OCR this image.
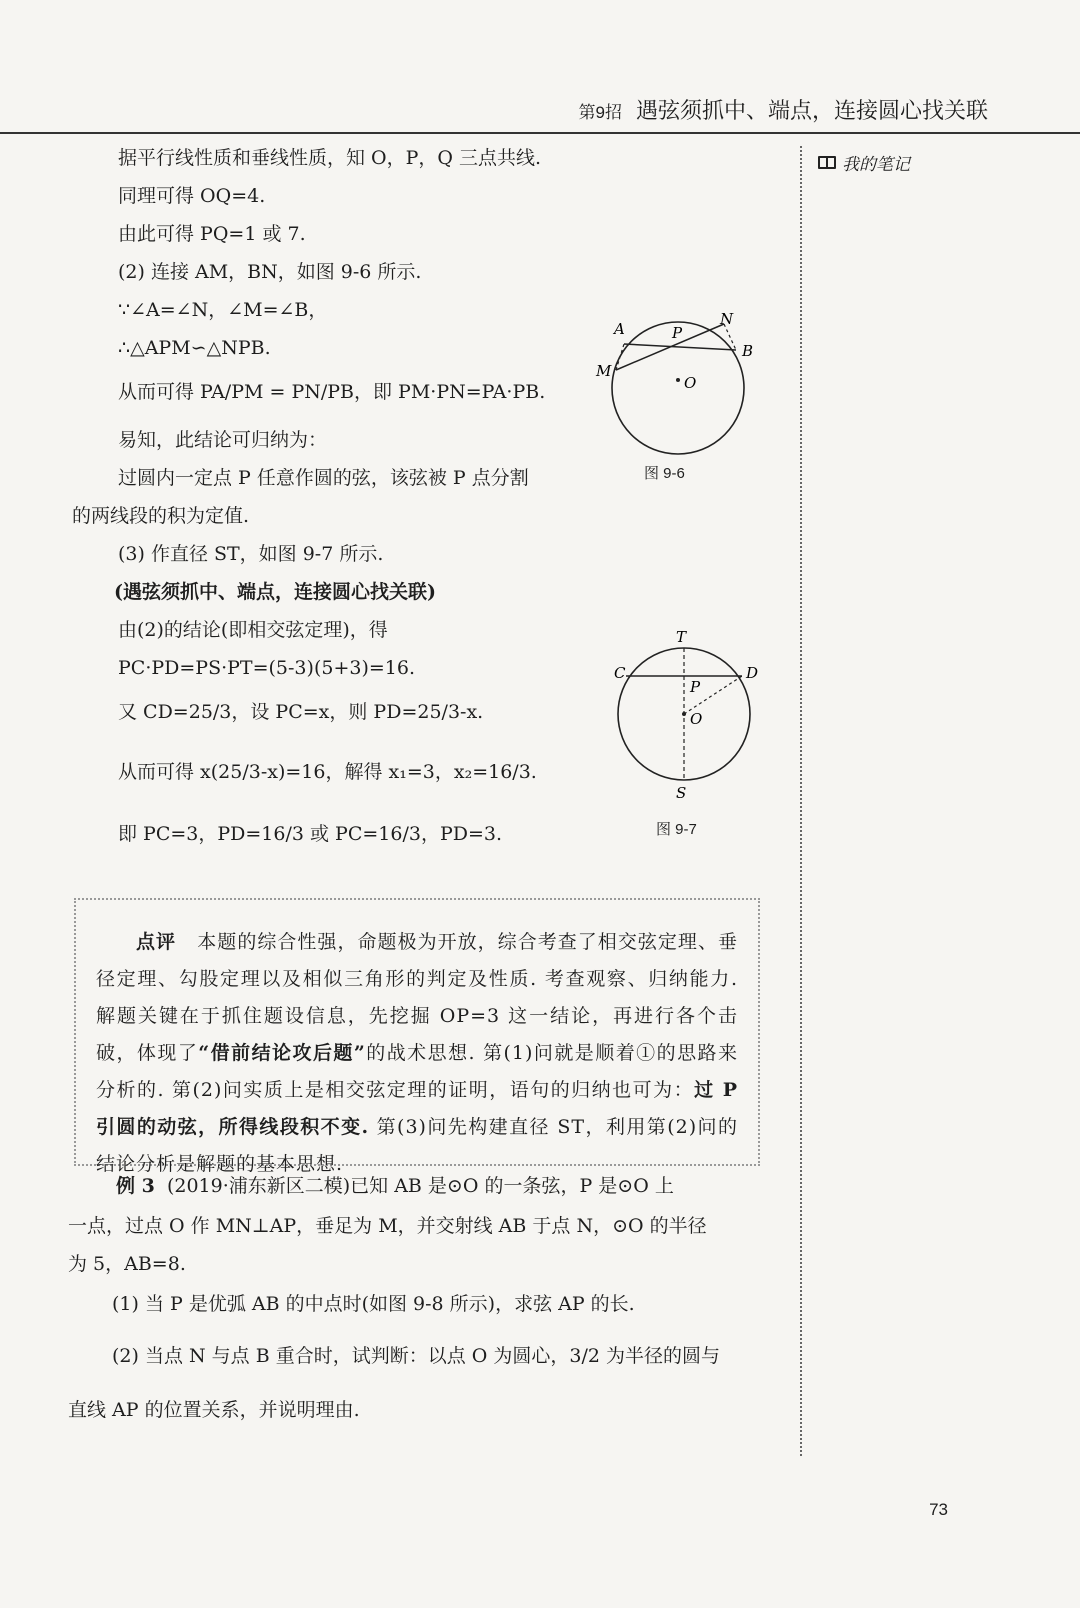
第9招 遇弦须抓中、端点，连接圆心找关联
我的笔记
据平行线性质和垂线性质，知 O，P，Q 三点共线.
同理可得 OQ=4.
由此可得 PQ=1 或 7.
(2) 连接 AM，BN，如图 9-6 所示.
∵∠A=∠N，∠M=∠B，
∴△APM∽△NPB.
从而可得 PA/PM = PN/PB，即 PM·PN=PA·PB.
易知，此结论可归纳为：
过圆内一定点 P 任意作圆的弦，该弦被 P 点分割
的两线段的积为定值.
(3) 作直径 ST，如图 9-7 所示.
(遇弦须抓中、端点，连接圆心找关联)
由(2)的结论(即相交弦定理)，得
PC·PD=PS·PT=(5-3)(5+3)=16.
又 CD=25/3，设 PC=x，则 PD=25/3-x.
从而可得 x(25/3-x)=16，解得 x₁=3，x₂=16/3.
即 PC=3，PD=16/3 或 PC=16/3，PD=3.
A	P
N
B
M
O
图 9-6
T
C	D
P
O
S
图 9-7

点评 本题的综合性强，命题极为开放，综合考查了相交弦定理、垂径定理、勾股定理以及相似三角形的判定及性质. 考查观察、归纳能力. 解题关键在于抓住题设信息，先挖掘 OP=3 这一结论，再进行各个击破，体现了“借前结论攻后题”的战术思想. 第(1)问就是顺着①的思路来分析的. 第(2)问实质上是相交弦定理的证明，语句的归纳也可为：过 P 引圆的动弦，所得线段积不变. 第(3)问先构建直径 ST，利用第(2)问的结论分析是解题的基本思想.

例 3 (2019·浦东新区二模)已知 AB 是⊙O 的一条弦，P 是⊙O 上
一点，过点 O 作 MN⊥AP，垂足为 M，并交射线 AB 于点 N，⊙O 的半径
为 5，AB=8.
(1) 当 P 是优弧 AB 的中点时(如图 9-8 所示)，求弦 AP 的长.
(2) 当点 N 与点 B 重合时，试判断：以点 O 为圆心，3/2 为半径的圆与
直线 AP 的位置关系，并说明理由.
73
